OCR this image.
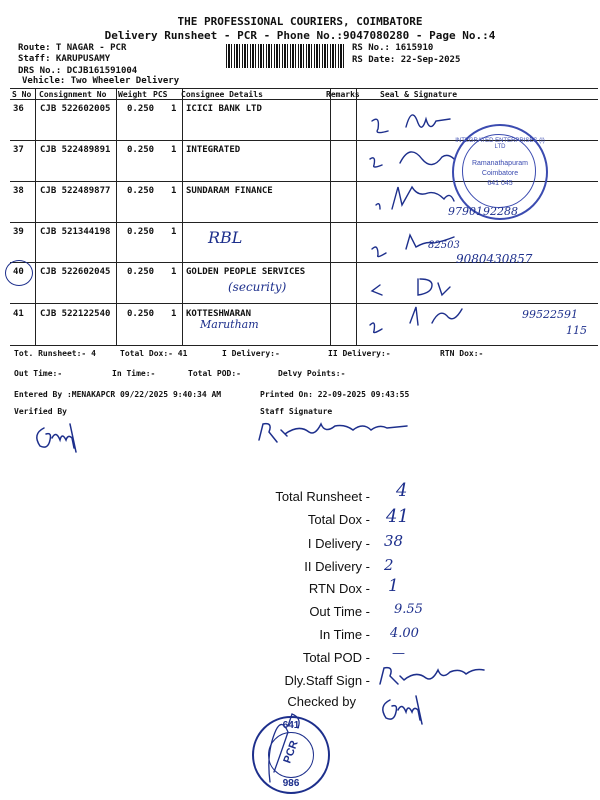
THE PROFESSIONAL COURIERS, COIMBATORE
Delivery Runsheet - PCR - Phone No.:9047080280 - Page No.:4
Route: T NAGAR - PCR
Staff: KARUPUSAMY
DRS No.: DCJB161591004
Vehicle: Two Wheeler Delivery
RS No.: 1615910
RS Date: 22-Sep-2025
S No Consignment No Weight PCS Consignee Details	Remarks	Seal & Signature
36 CJB 522602005 0.250 1 ICICI BANK LTD
37 CJB 522489891 0.250 1 INTEGRATED
38 CJB 522489877 0.250 1 SUNDARAM FINANCE
39 CJB 521344198 0.250 1 RBL
40 CJB 522602045 0.250 1 GOLDEN PEOPLE SERVICES
(security)
41 CJB 522122540 0.250 1 KOTTESHWARAN
Marutham
INTEGRATED ENTERPRISES (I) LTD
Ramanathapuram
Coimbatore
641 045
9790192288
82503
9080430857
99522591
115
Tot. Runsheet:- 4	Total Dox:- 41	I Delivery:-	II Delivery:-	RTN Dox:-
Out Time:-	In Time:-	Total POD:-	Delvy Points:-
Entered By :MENAKAPCR 09/22/2025 9:40:34 AM	Printed On: 22-09-2025 09:43:55
Verified By	Staff Signature
Total Runsheet - 4
Total Dox - 41
I Delivery - 38
II Delivery - 2
RTN Dox - 1
Out Time - 9.55
In Time - 4.00
Total POD - —
Dly.Staff Sign -
Checked by
PCR
641
986
